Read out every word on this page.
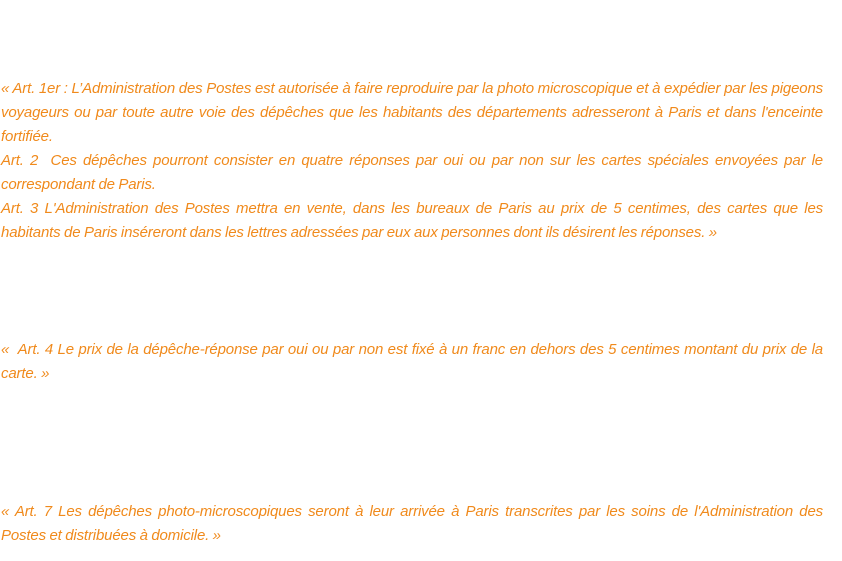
« Art. 1er : L’Administration des Postes est autorisée à faire reproduire par la photo microscopique et à expédier par les pigeons voyageurs ou par toute autre voie des dépêches que les habitants des départements adresseront à Paris et dans l'enceinte fortifiée.

Art. 2  Ces dépêches pourront consister en quatre réponses par oui ou par non sur les cartes spéciales envoyées par le correspondant de Paris.

Art. 3 L'Administration des Postes mettra en vente, dans les bureaux de Paris au prix de 5 centimes, des cartes que les habitants de Paris inséreront dans les lettres adressées par eux aux personnes dont ils désirent les réponses. »

«  Art. 4 Le prix de la dépêche-réponse par oui ou par non est fixé à un franc en dehors des 5 centimes montant du prix de la carte. »

« Art. 7 Les dépêches photo-microscopiques seront à leur arrivée à Paris transcrites par les soins de l'Administration des Postes et distribuées à domicile. »
